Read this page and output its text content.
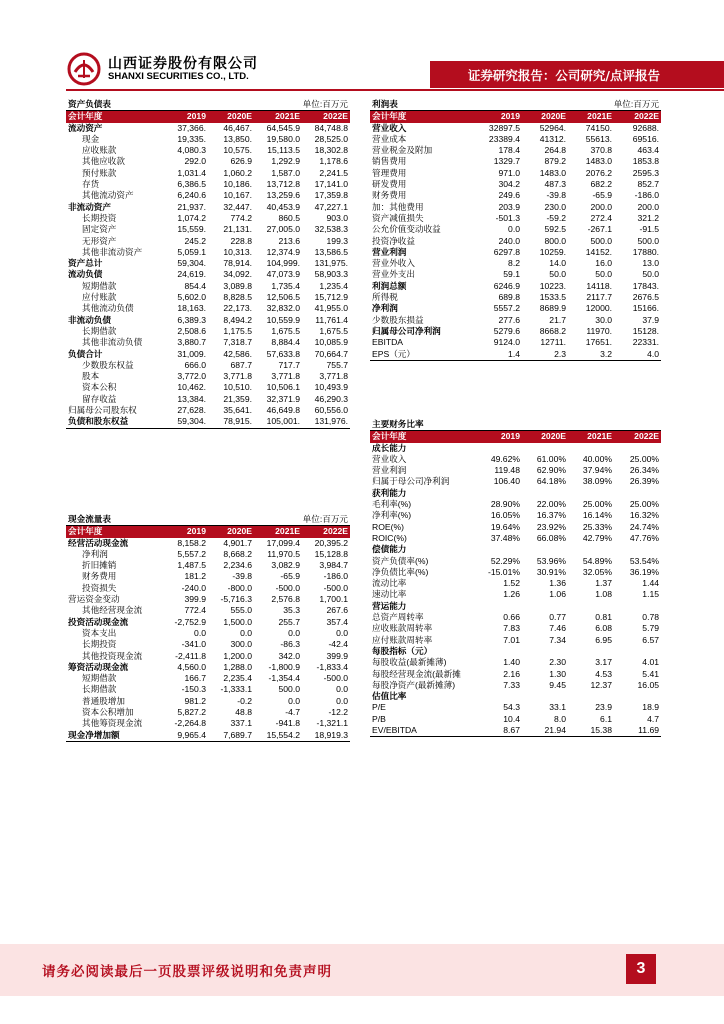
山西证券股份有限公司
SHANXI SECURITIES CO., LTD.	证券研究报告：公司研究/点评报告
资产负债表			单位:百万元	
会计年度	2019	2020E	2021E	2022E
流动资产	37,366.	46,467.	64,545.9	84,748.8
现金	19,335.	13,850.	19,580.0	28,525.0
应收账款	4,080.3	10,575.	15,113.5	18,302.8
其他应收款	292.0	626.9	1,292.9	1,178.6
预付账款	1,031.4	1,060.2	1,587.0	2,241.5
存货	6,386.5	10,186.	13,712.8	17,141.0
其他流动资产	6,240.6	10,167.	13,259.6	17,359.8
非流动资产	21,937.	32,447.	40,453.9	47,227.1
长期投资	1,074.2	774.2	860.5	903.0
固定资产	15,559.	21,131.	27,005.0	32,538.3
无形资产	245.2	228.8	213.6	199.3
其他非流动资产	5,059.1	10,313.	12,374.9	13,586.5
资产总计	59,304.	78,914.	104,999.	131,975.
流动负债	24,619.	34,092.	47,073.9	58,903.3
短期借款	854.4	3,089.8	1,735.4	1,235.4
应付账款	5,602.0	8,828.5	12,506.5	15,712.9
其他流动负债	18,163.	22,173.	32,832.0	41,955.0
非流动负债	6,389.3	8,494.2	10,559.9	11,761.4
长期借款	2,508.6	1,175.5	1,675.5	1,675.5
其他非流动负债	3,880.7	7,318.7	8,884.4	10,085.9
负债合计	31,009.	42,586.	57,633.8	70,664.7
少数股东权益	666.0	687.7	717.7	755.7
股本	3,772.0	3,771.8	3,771.8	3,771.8
资本公积	10,462.	10,510.	10,506.1	10,493.9
留存收益	13,384.	21,359.	32,371.9	46,290.3
归属母公司股东权	27,628.	35,641.	46,649.8	60,556.0
负债和股东权益	59,304.	78,915.	105,001.	131,976.
现金流量表			单位:百万元	
会计年度	2019	2020E	2021E	2022E
经营活动现金流	8,158.2	4,901.7	17,099.4	20,395.2
净利润	5,557.2	8,668.2	11,970.5	15,128.8
折旧摊销	1,487.5	2,234.6	3,082.9	3,984.7
财务费用	181.2	-39.8	-65.9	-186.0
投资损失	-240.0	-800.0	-500.0	-500.0
营运资金变动	399.9	-5,716.3	2,576.8	1,700.1
其他经营现金流	772.4	555.0	35.3	267.6
投资活动现金流	-2,752.9	1,500.0	255.7	357.4
资本支出	0.0	0.0	0.0	0.0
长期投资	-341.0	300.0	-86.3	-42.4
其他投资现金流	-2,411.8	1,200.0	342.0	399.9
筹资活动现金流	4,560.0	1,288.0	-1,800.9	-1,833.4
短期借款	166.7	2,235.4	-1,354.4	-500.0
长期借款	-150.3	-1,333.1	500.0	0.0
普通股增加	981.2	-0.2	0.0	0.0
资本公积增加	5,827.2	48.8	-4.7	-12.2
其他筹资现金流	-2,264.8	337.1	-941.8	-1,321.1
现金净增加额	9,965.4	7,689.7	15,554.2	18,919.3
利润表			单位:百万元	
会计年度	2019	2020E	2021E	2022E
营业收入	32897.5	52964.	74150.	92688.
营业成本	23389.4	41312.	55613.	69516.
营业税金及附加	178.4	264.8	370.8	463.4
销售费用	1329.7	879.2	1483.0	1853.8
管理费用	971.0	1483.0	2076.2	2595.3
研发费用	304.2	487.3	682.2	852.7
财务费用	249.6	-39.8	-65.9	-186.0
加：其他费用	203.9	230.0	200.0	200.0
资产减值损失	-501.3	-59.2	272.4	321.2
公允价值变动收益	0.0	592.5	-267.1	-91.5
投资净收益	240.0	800.0	500.0	500.0
营业利润	6297.8	10259.	14152.	17880.
营业外收入	8.2	14.0	16.0	13.0
营业外支出	59.1	50.0	50.0	50.0
利润总额	6246.9	10223.	14118.	17843.
所得税	689.8	1533.5	2117.7	2676.5
净利润	5557.2	8689.9	12000.	15166.
少数股东损益	277.6	21.7	30.0	37.9
归属母公司净利润	5279.6	8668.2	11970.	15128.
EBITDA	9124.0	12711.	17651.	22331.
EPS（元）	1.4	2.3	3.2	4.0
主要财务比率				
会计年度	2019	2020E	2021E	2022E
成长能力				
营业收入	49.62%	61.00%	40.00%	25.00%
营业利润	119.48	62.90%	37.94%	26.34%
归属于母公司净利润	106.40	64.18%	38.09%	26.39%
获利能力				
毛利率(%)	28.90%	22.00%	25.00%	25.00%
净利率(%)	16.05%	16.37%	16.14%	16.32%
ROE(%)	19.64%	23.92%	25.33%	24.74%
ROIC(%)	37.48%	66.08%	42.79%	47.76%
偿债能力				
资产负债率(%)	52.29%	53.96%	54.89%	53.54%
净负债比率(%)	-15.01%	30.91%	32.05%	36.19%
流动比率	1.52	1.36	1.37	1.44
速动比率	1.26	1.06	1.08	1.15
营运能力				
总资产周转率	0.66	0.77	0.81	0.78
应收账款周转率	7.83	7.46	6.08	5.79
应付账款周转率	7.01	7.34	6.95	6.57
每股指标（元）				
每股收益(最新摊薄)	1.40	2.30	3.17	4.01
每股经营现金流(最新摊	2.16	1.30	4.53	5.41
每股净资产(最新摊薄)	7.33	9.45	12.37	16.05
估值比率				
P/E	54.3	33.1	23.9	18.9
P/B	10.4	8.0	6.1	4.7
EV/EBITDA	8.67	21.94	15.38	11.69
请务必阅读最后一页股票评级说明和免责声明	3
